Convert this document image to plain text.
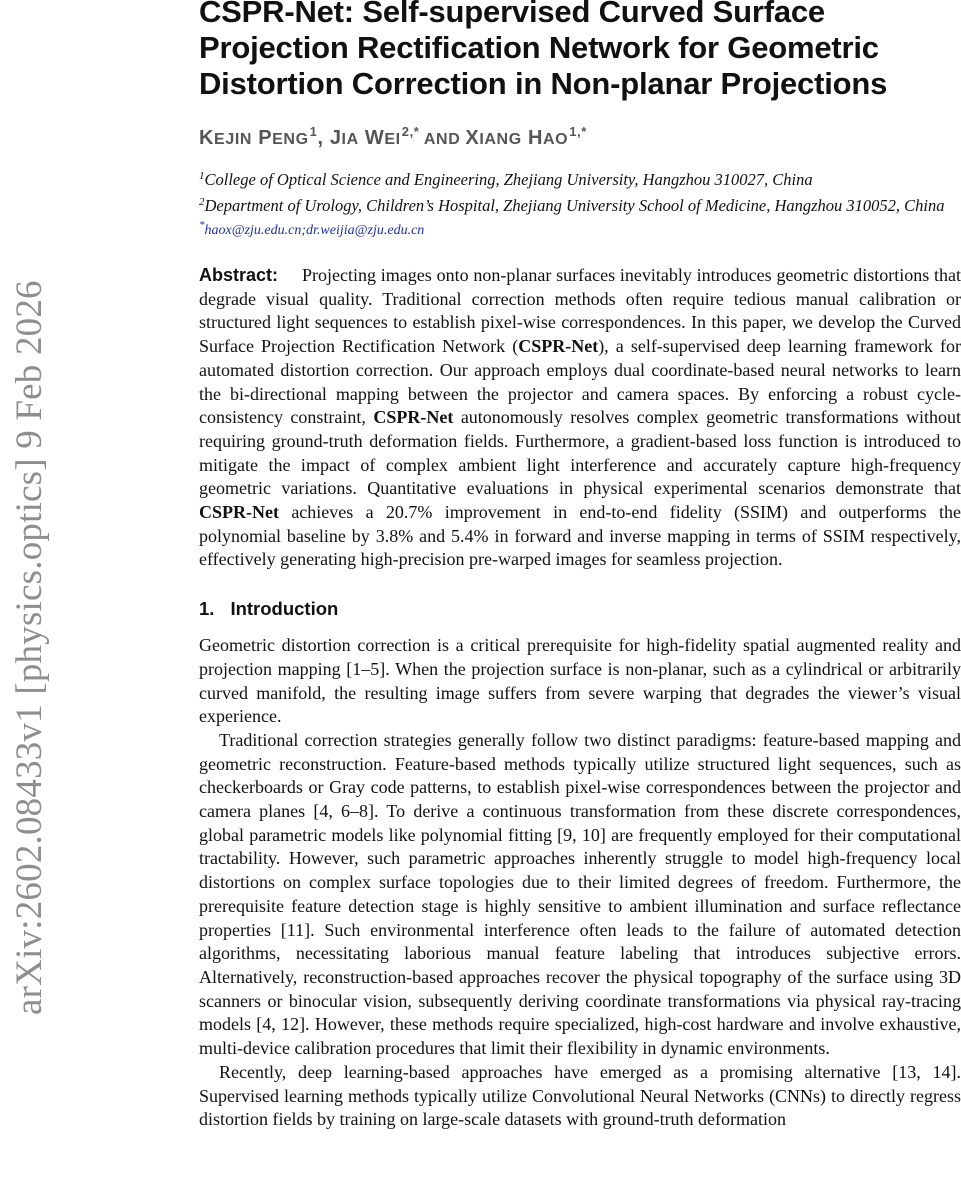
arXiv:2602.08433v1 [physics.optics] 9 Feb 2026
CSPR-Net: Self-supervised Curved Surface
Projection Rectification Network for Geometric
Distortion Correction in Non-planar Projections
KEJIN PENG$^1$, JIA $WEI^{2,*}$ AND XIANG $HAO^{1,*}$

$^1$College of Optical Science and Engineering, Zhejiang University, Hangzhou 310027, China

$^2$Department of Urology, Children’s Hospital, Zhejiang University School of Medicine, Hangzhou 310052, China

*haox@zju.edu.cn;dr.weijia@zju.edu.cn

Abstract: Projecting images onto non-planar surfaces inevitably introduces geometric distortions that degrade visual quality. Traditional correction methods often require tedious manual calibration or structured light sequences to establish pixel-wise correspondences. In this paper, we develop the Curved Surface Projection Rectification Network (CSPR-Net), a self-supervised deep learning framework for automated distortion correction. Our approach employs dual coordinate-based neural networks to learn the bi-directional mapping between the projector and camera spaces. By enforcing a robust cycle-consistency constraint, CSPR-Net autonomously resolves complex geometric transformations without requiring ground-truth deformation fields. Furthermore, a gradient-based loss function is introduced to mitigate the impact of complex ambient light interference and accurately capture high-frequency geometric variations. Quantitative evaluations in physical experimental scenarios demonstrate that CSPR-Net achieves a 20.7% improvement in end-to-end fidelity (SSIM) and outperforms the polynomial baseline by 3.8% and 5.4% in forward and inverse mapping in terms of SSIM respectively, effectively generating high-precision pre-warped images for seamless projection.

1. Introduction

Geometric distortion correction is a critical prerequisite for high-fidelity spatial augmented reality and projection mapping [1–5]. When the projection surface is non-planar, such as a cylindrical or arbitrarily curved manifold, the resulting image suffers from severe warping that degrades the viewer’s visual experience.

Traditional correction strategies generally follow two distinct paradigms: feature-based mapping and geometric reconstruction. Feature-based methods typically utilize structured light sequences, such as checkerboards or Gray code patterns, to establish pixel-wise correspondences between the projector and camera planes [4, 6–8]. To derive a continuous transformation from these discrete correspondences, global parametric models like polynomial fitting [9, 10] are frequently employed for their computational tractability. However, such parametric approaches inherently struggle to model high-frequency local distortions on complex surface topologies due to their limited degrees of freedom. Furthermore, the prerequisite feature detection stage is highly sensitive to ambient illumination and surface reflectance properties [11]. Such environmental interference often leads to the failure of automated detection algorithms, necessitating laborious manual feature labeling that introduces subjective errors. Alternatively, reconstruction-based approaches recover the physical topography of the surface using 3D scanners or binocular vision, subsequently deriving coordinate transformations via physical ray-tracing models [4, 12]. However, these methods require specialized, high-cost hardware and involve exhaustive, multi-device calibration procedures that limit their flexibility in dynamic environments.

Recently, deep learning-based approaches have emerged as a promising alternative [13, 14]. Supervised learning methods typically utilize Convolutional Neural Networks (CNNs) to directly regress distortion fields by training on large-scale datasets with ground-truth deformation
